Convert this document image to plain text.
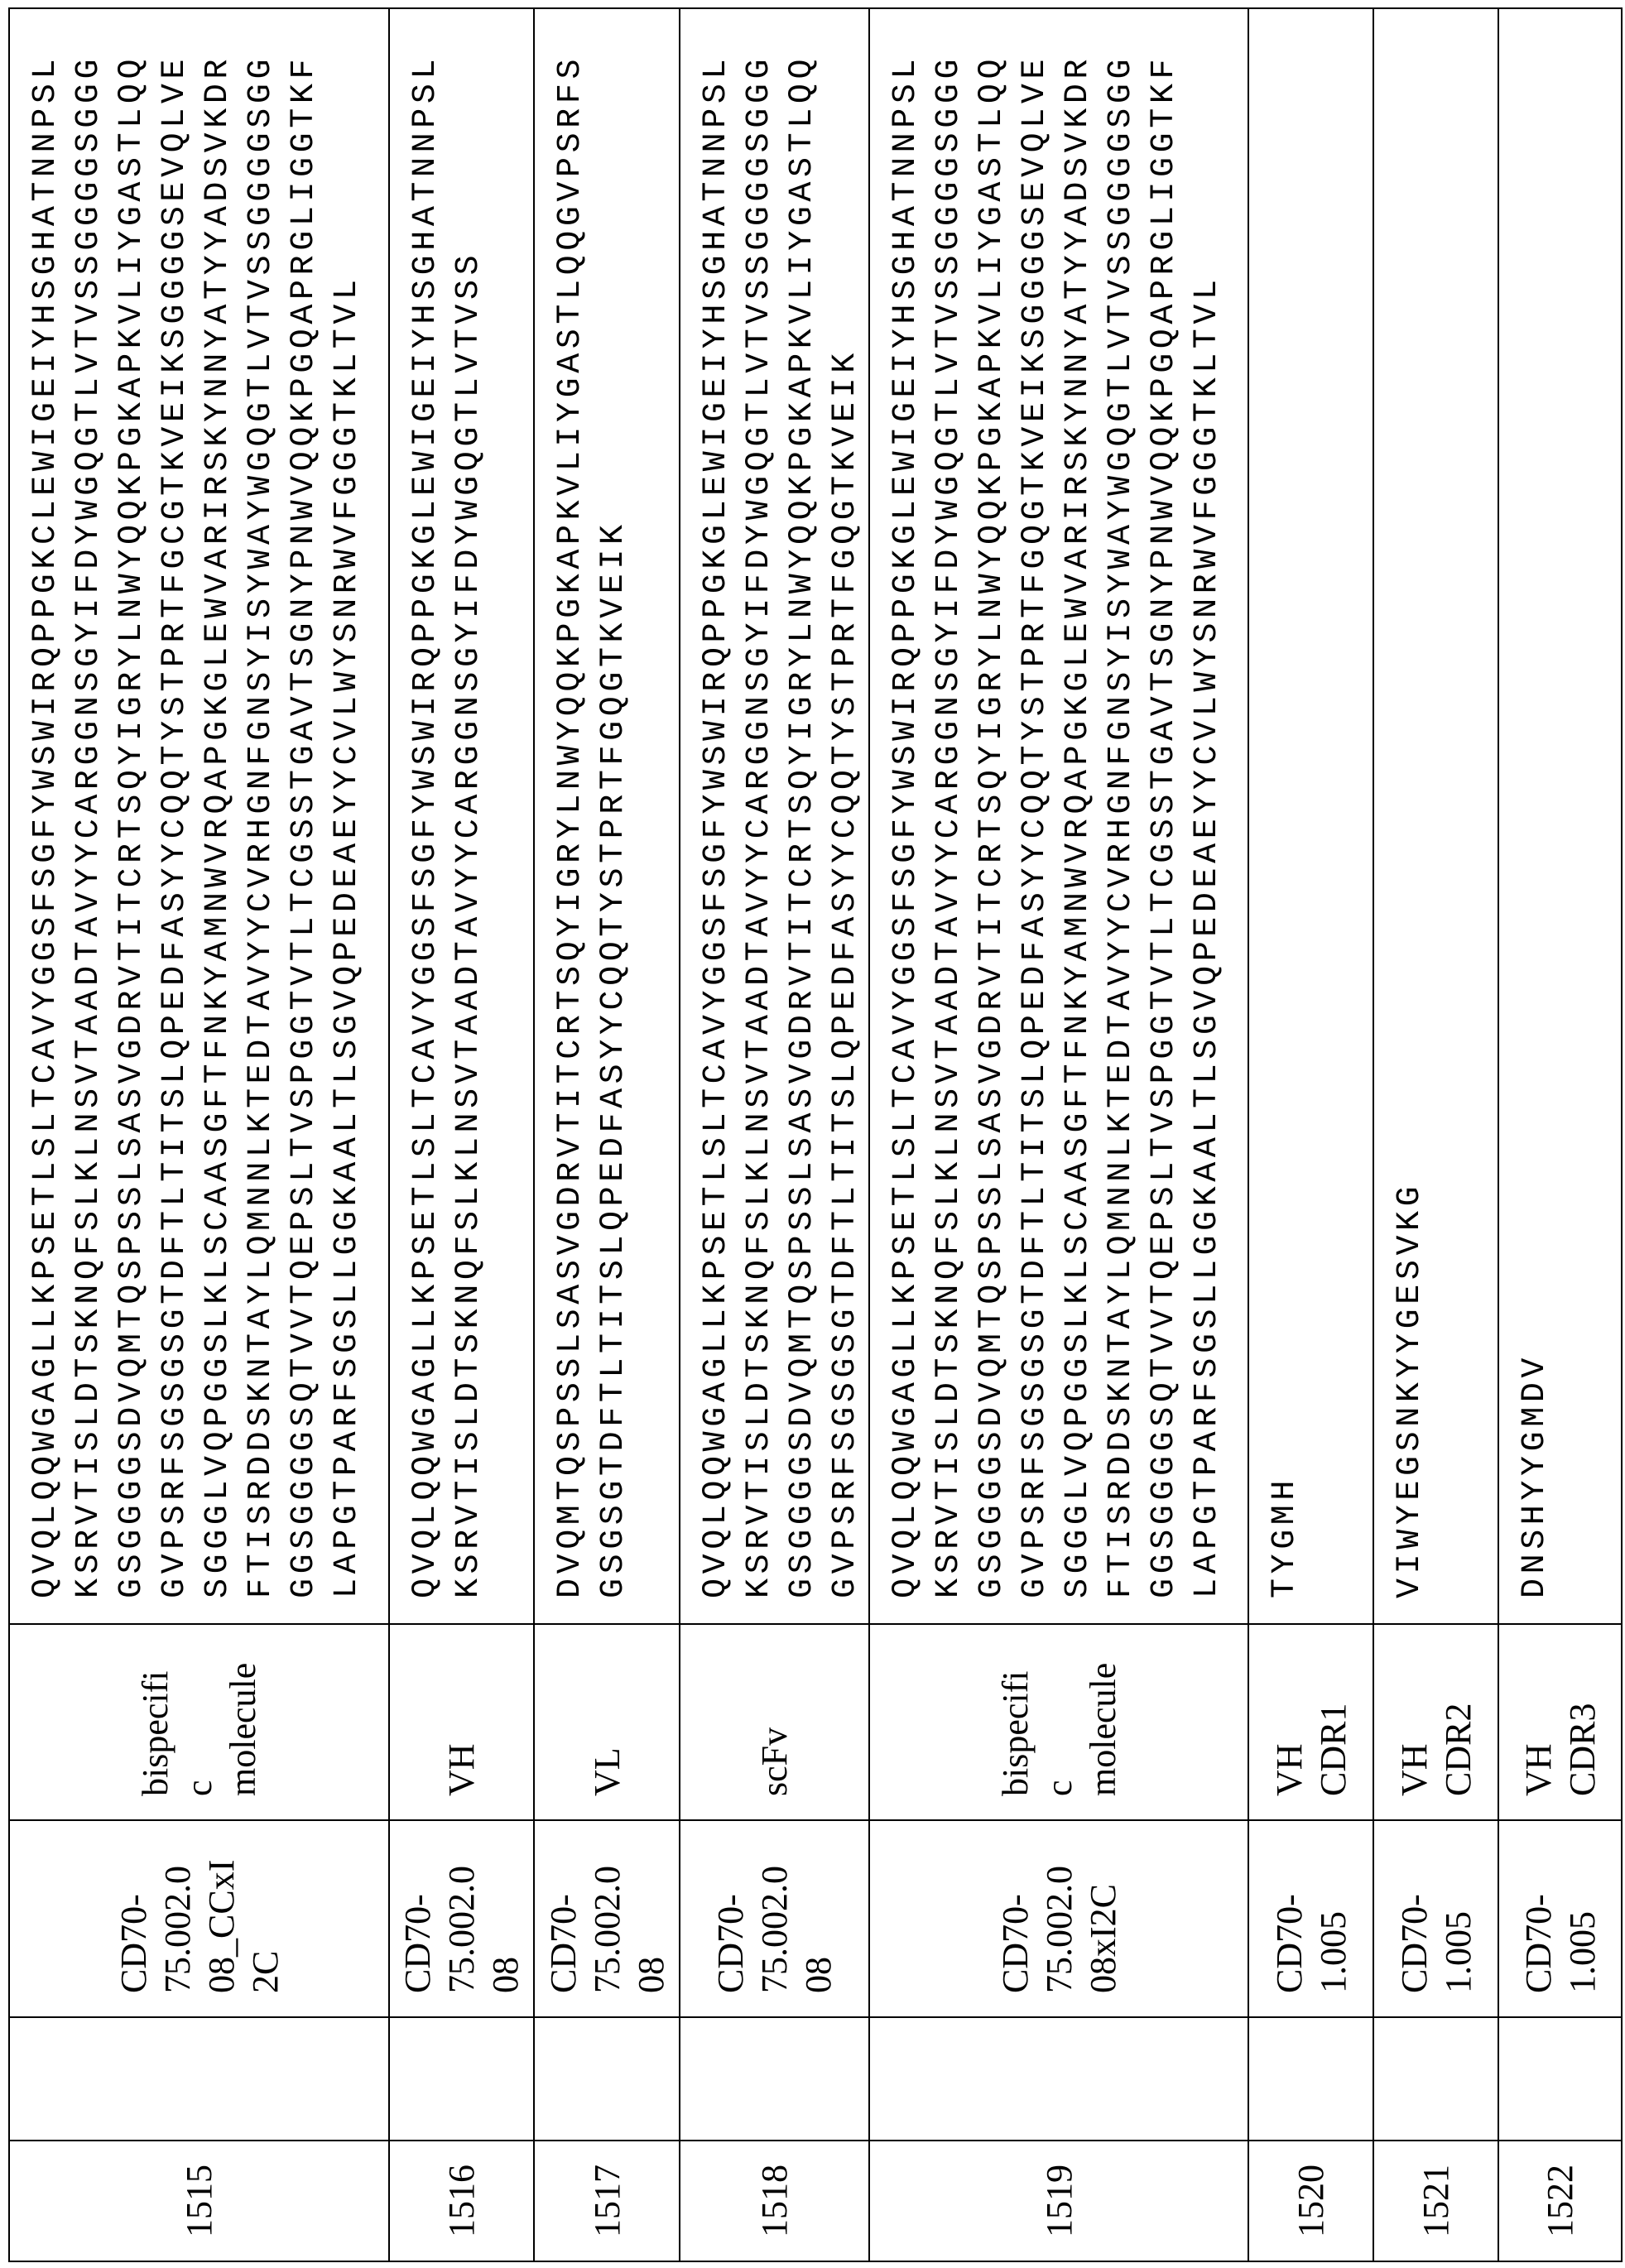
1515		CD70-
75.002.0
08_CCxI
2C	bispecifi
c
molecule	
QVQLQQWGAGLLKPSETLSLTCAVYGGSFSGFYWSWIRQPPGKCLEWIGEIYHSGHATNNPSL KSRVTISLDTSKNQFSLKLNSVTAADTAVYYCARGGNSGYIFDYWGQGTLVTVSSGGGGSGGG GSGGGGSDVQMTQSPSSLSASVGDRVTITCRTSQYIGRYLNWYQQKPGKAPKVLIYGASTLQQ GVPSRFSGSGSGTDFTLTITSLQPEDFASYYCQQTYSTPRTFGCGTKVEIKSGGGGSEVQLVE SGGGLVQPGGSLKLSCAASGFTFNKYAMNWVRQAPGKGLEWVARIRSKYNNYATYYADSVKDR FTISRDDSKNTAYLQMNNLKTEDTAVYYCVRHGNFGNSYISYWAYWGQGTLVTVSSGGGGSGG GGSGGGGSQTVVTQEPSLTVSPGGTVTLTCGSSTGAVTSGNYPNWVQQKPGQAPRGLIGGTKF LAPGTPARFSGSLLGGKAALTLSGVQPEDEAEYYCVLWYSNRWVFGGGTKLTVL

1516		CD70-
75.002.0
08	VH	
QVQLQQWGAGLLKPSETLSLTCAVYGGSFSGFYWSWIRQPPGKGLEWIGEIYHSGHATNNPSL KSRVTISLDTSKNQFSLKLNSVTAADTAVYYCARGGNSGYIFDYWGQGTLVTVSS

1517		CD70-
75.002.0
08	VL	
DVQMTQSPSSLSASVGDRVTITCRTSQYIGRYLNWYQQKPGKAPKVLIYGASTLQQGVPSRFS GSGSGTDFTLTITSLQPEDFASYYCQQTYSTPRTFGQGTKVEIK

1518		CD70-
75.002.0
08	scFv	
QVQLQQWGAGLLKPSETLSLTCAVYGGSFSGFYWSWIRQPPGKGLEWIGEIYHSGHATNNPSL KSRVTISLDTSKNQFSLKLNSVTAADTAVYYCARGGNSGYIFDYWGQGTLVTVSSGGGGSGGG GSGGGGSDVQMTQSPSSLSASVGDRVTITCRTSQYIGRYLNWYQQKPGKAPKVLIYGASTLQQ GVPSRFSGSGSGTDFTLTITSLQPEDFASYYCQQTYSTPRTFGQGTKVEIK

1519		CD70-
75.002.0
08xI2C	bispecifi
c
molecule	
QVQLQQWGAGLLKPSETLSLTCAVYGGSFSGFYWSWIRQPPGKGLEWIGEIYHSGHATNNPSL KSRVTISLDTSKNQFSLKLNSVTAADTAVYYCARGGNSGYIFDYWGQGTLVTVSSGGGGSGGG GSGGGGSDVQMTQSPSSLSASVGDRVTITCRTSQYIGRYLNWYQQKPGKAPKVLIYGASTLQQ GVPSRFSGSGSGTDFTLTITSLQPEDFASYYCQQTYSTPRTFGQGTKVEIKSGGGGSEVQLVE SGGGLVQPGGSLKLSCAASGFTFNKYAMNWVRQAPGKGLEWVARIRSKYNNYATYYADSVKDR FTISRDDSKNTAYLQMNNLKTEDTAVYYCVRHGNFGNSYISYWAYWGQGTLVTVSSGGGGSGG GGSGGGGSQTVVTQEPSLTVSPGGTVTLTCGSSTGAVTSGNYPNWVQQKPGQAPRGLIGGTKF LAPGTPARFSGSLLGGKAALTLSGVQPEDEAEYYCVLWYSNRWVFGGGTKLTVL

1520		CD70-
1.005	VH
CDR1	
TYGMH

1521		CD70-
1.005	VH
CDR2	
VIWYEGSNKYYGESVKG

1522		CD70-
1.005	VH
CDR3	
DNSHYYGMDV
